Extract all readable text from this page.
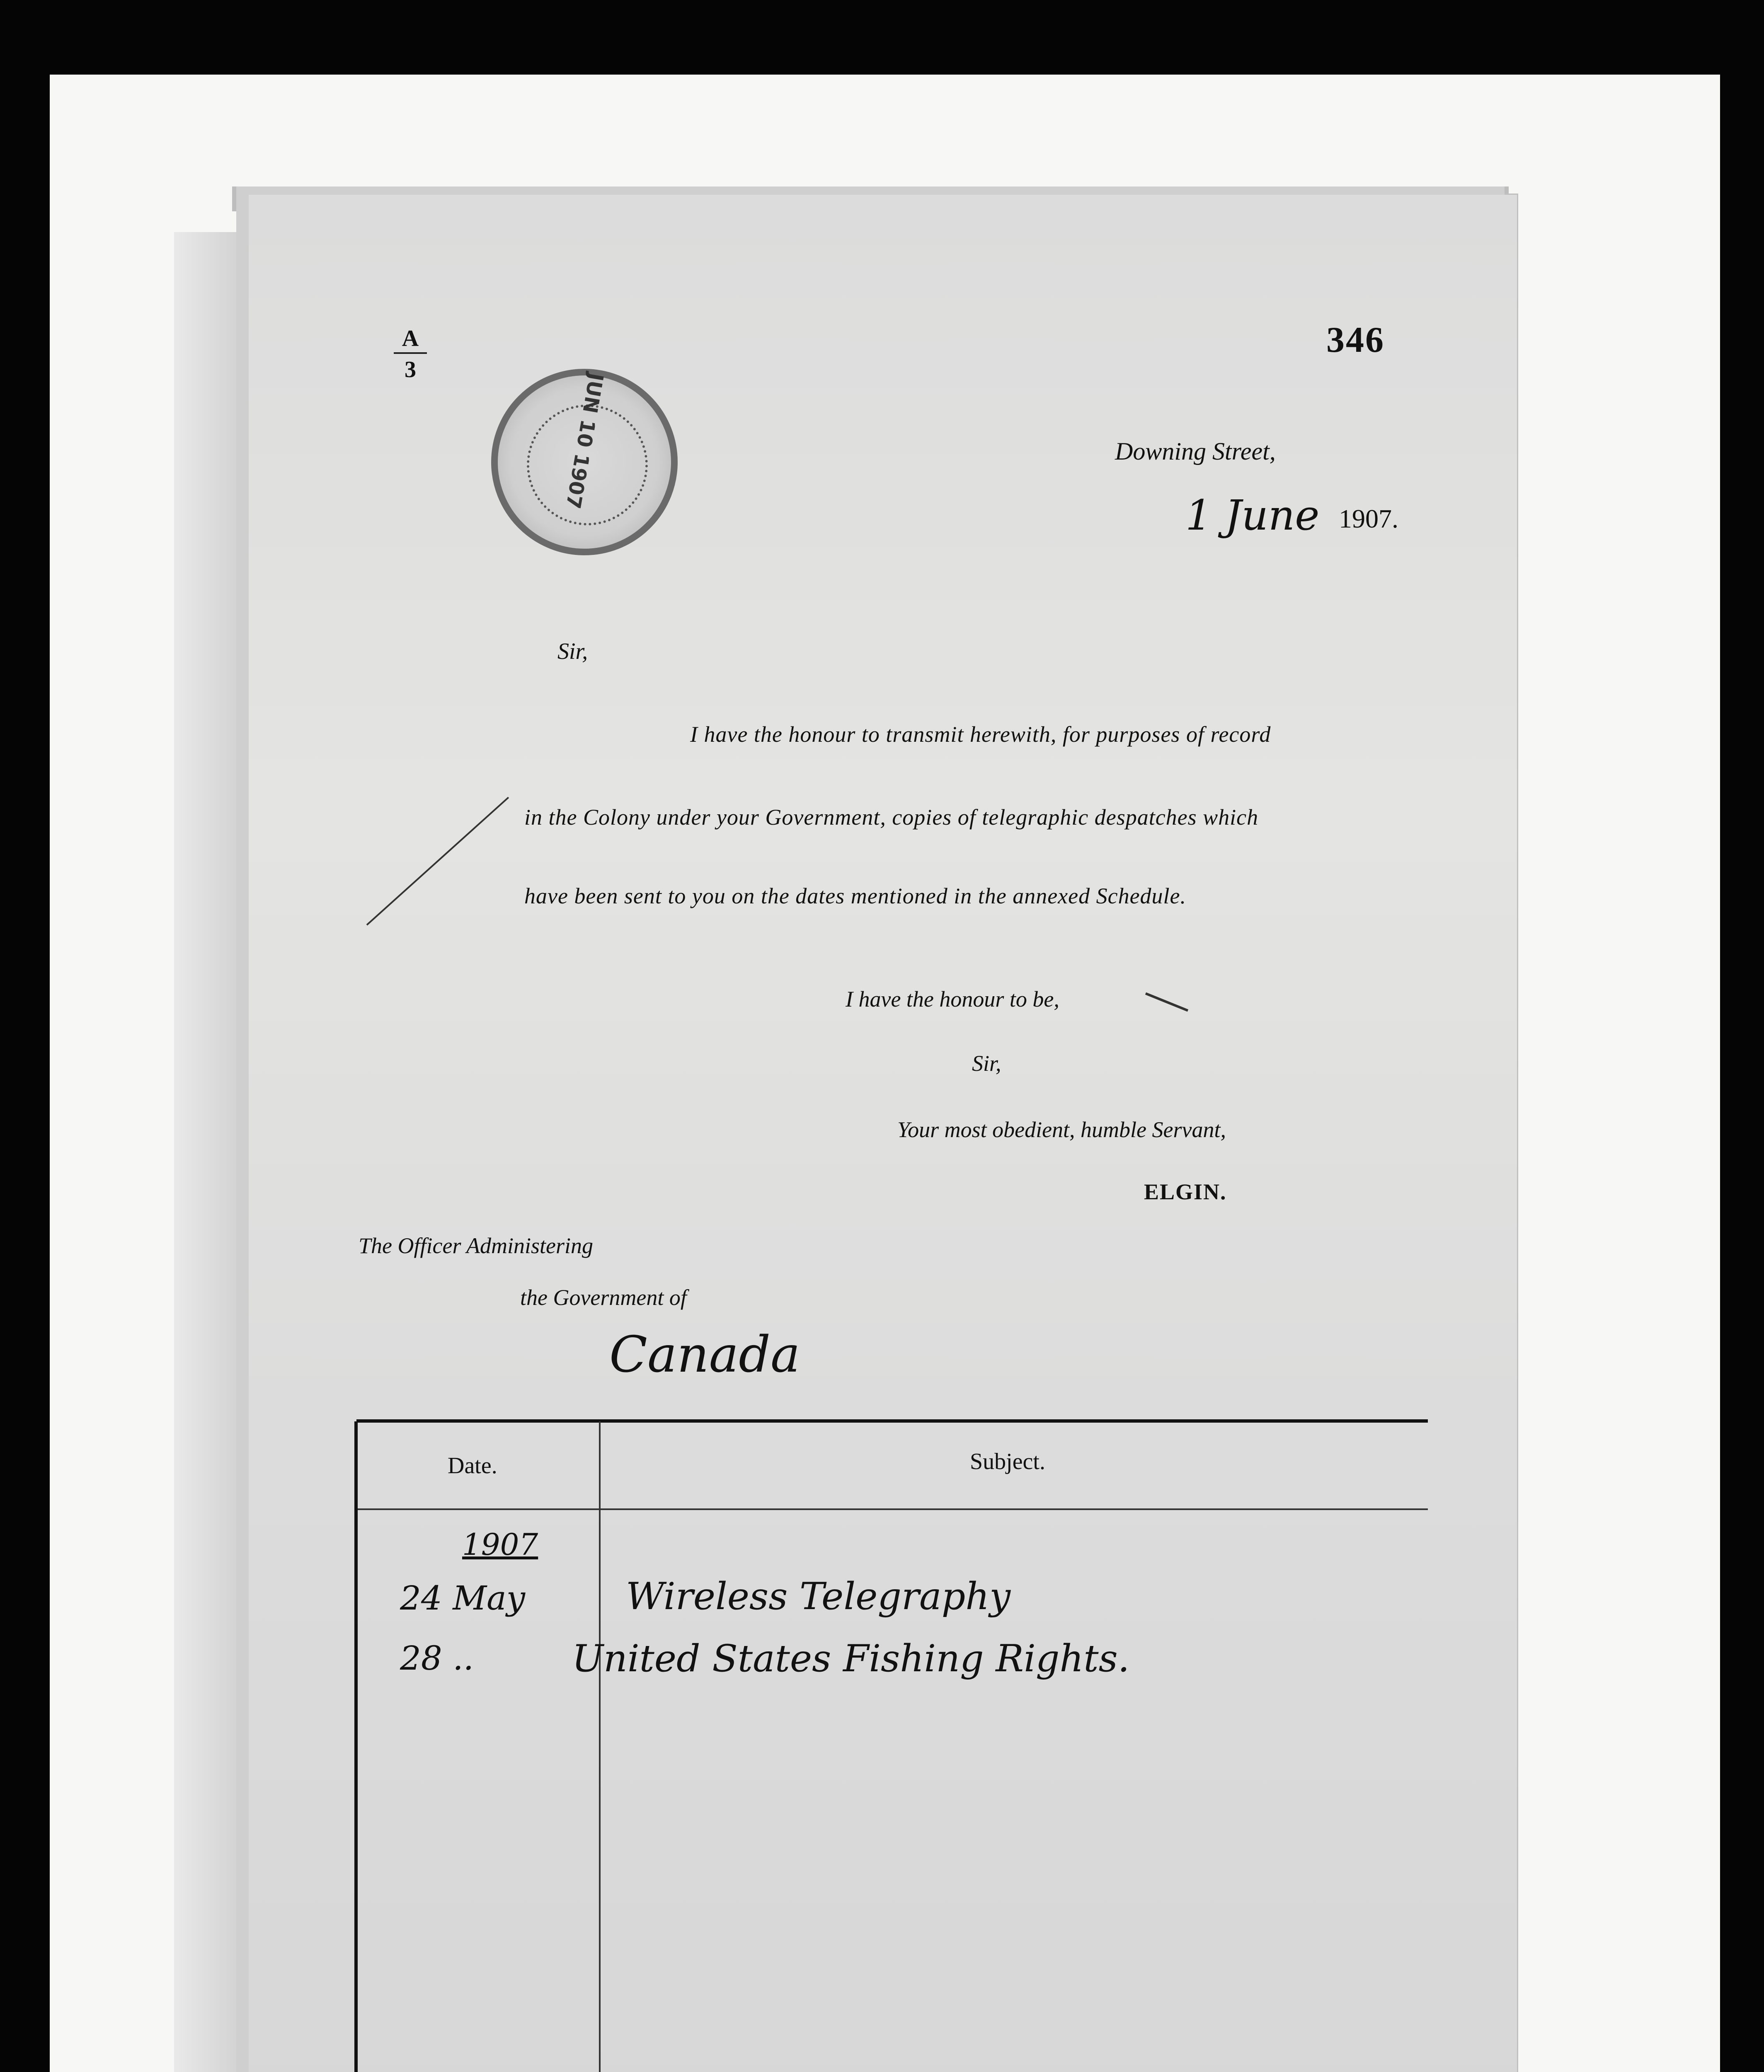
A
3
346
JUN 10 1907	Downing Street,
1 June 1907.
Sir,
I have the honour to transmit herewith, for purposes of record
in the Colony under your Government, copies of telegraphic despatches which
have been sent to you on the dates mentioned in the annexed Schedule.
I have the honour to be,
Sir,
Your most obedient, humble Servant,
ELGIN.
The Officer Administering
the Government of
Canada
Date.	Subject.
1907
24 May	Wireless Telegraphy
28 ..	United States Fishing Rights.
